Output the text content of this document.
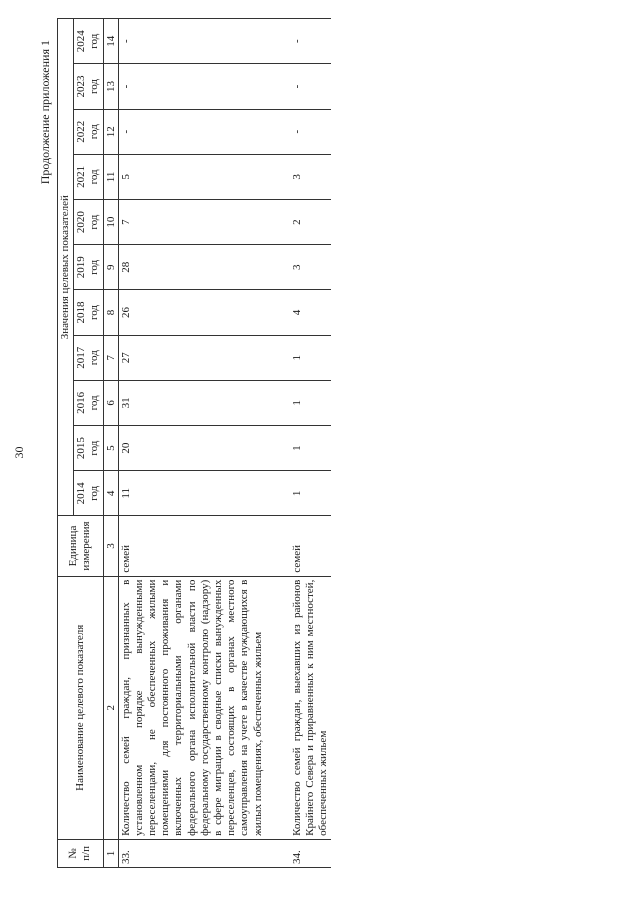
30
Продолжение приложения 1
№ п/п	Наименование целевого показателя	Единица измерения	Значения целевых показателей										
			2014 год	2015 год	2016 год	2017 год	2018 год	2019 год	2020 год	2021 год	2022 год	2023 год	2024 год
1	2	3	4	5	6	7	8	9	10	11	12	13	14
33.	Количество семей граждан, признанных в установленном порядке вынужденными переселенцами, не обеспеченных жилыми помещениями для постоянного проживания и включенных территориальными органами федерального органа исполнительной власти по федеральному государственному контролю (надзору) в сфере миграции в сводные списки вынужденных переселенцев, состоящих в органах местного самоуправления на учете в качестве нуждающихся в жилых помещениях, обеспеченных жильем	семей	11	20	31	27	26	28	7	5	-	-	-

34.	Количество семей граждан, выехавших из районов Крайнего Севера и приравненных к ним местностей, обеспеченных жильем	семей	1	1	1	1	4	3	2	3	-	-	-
